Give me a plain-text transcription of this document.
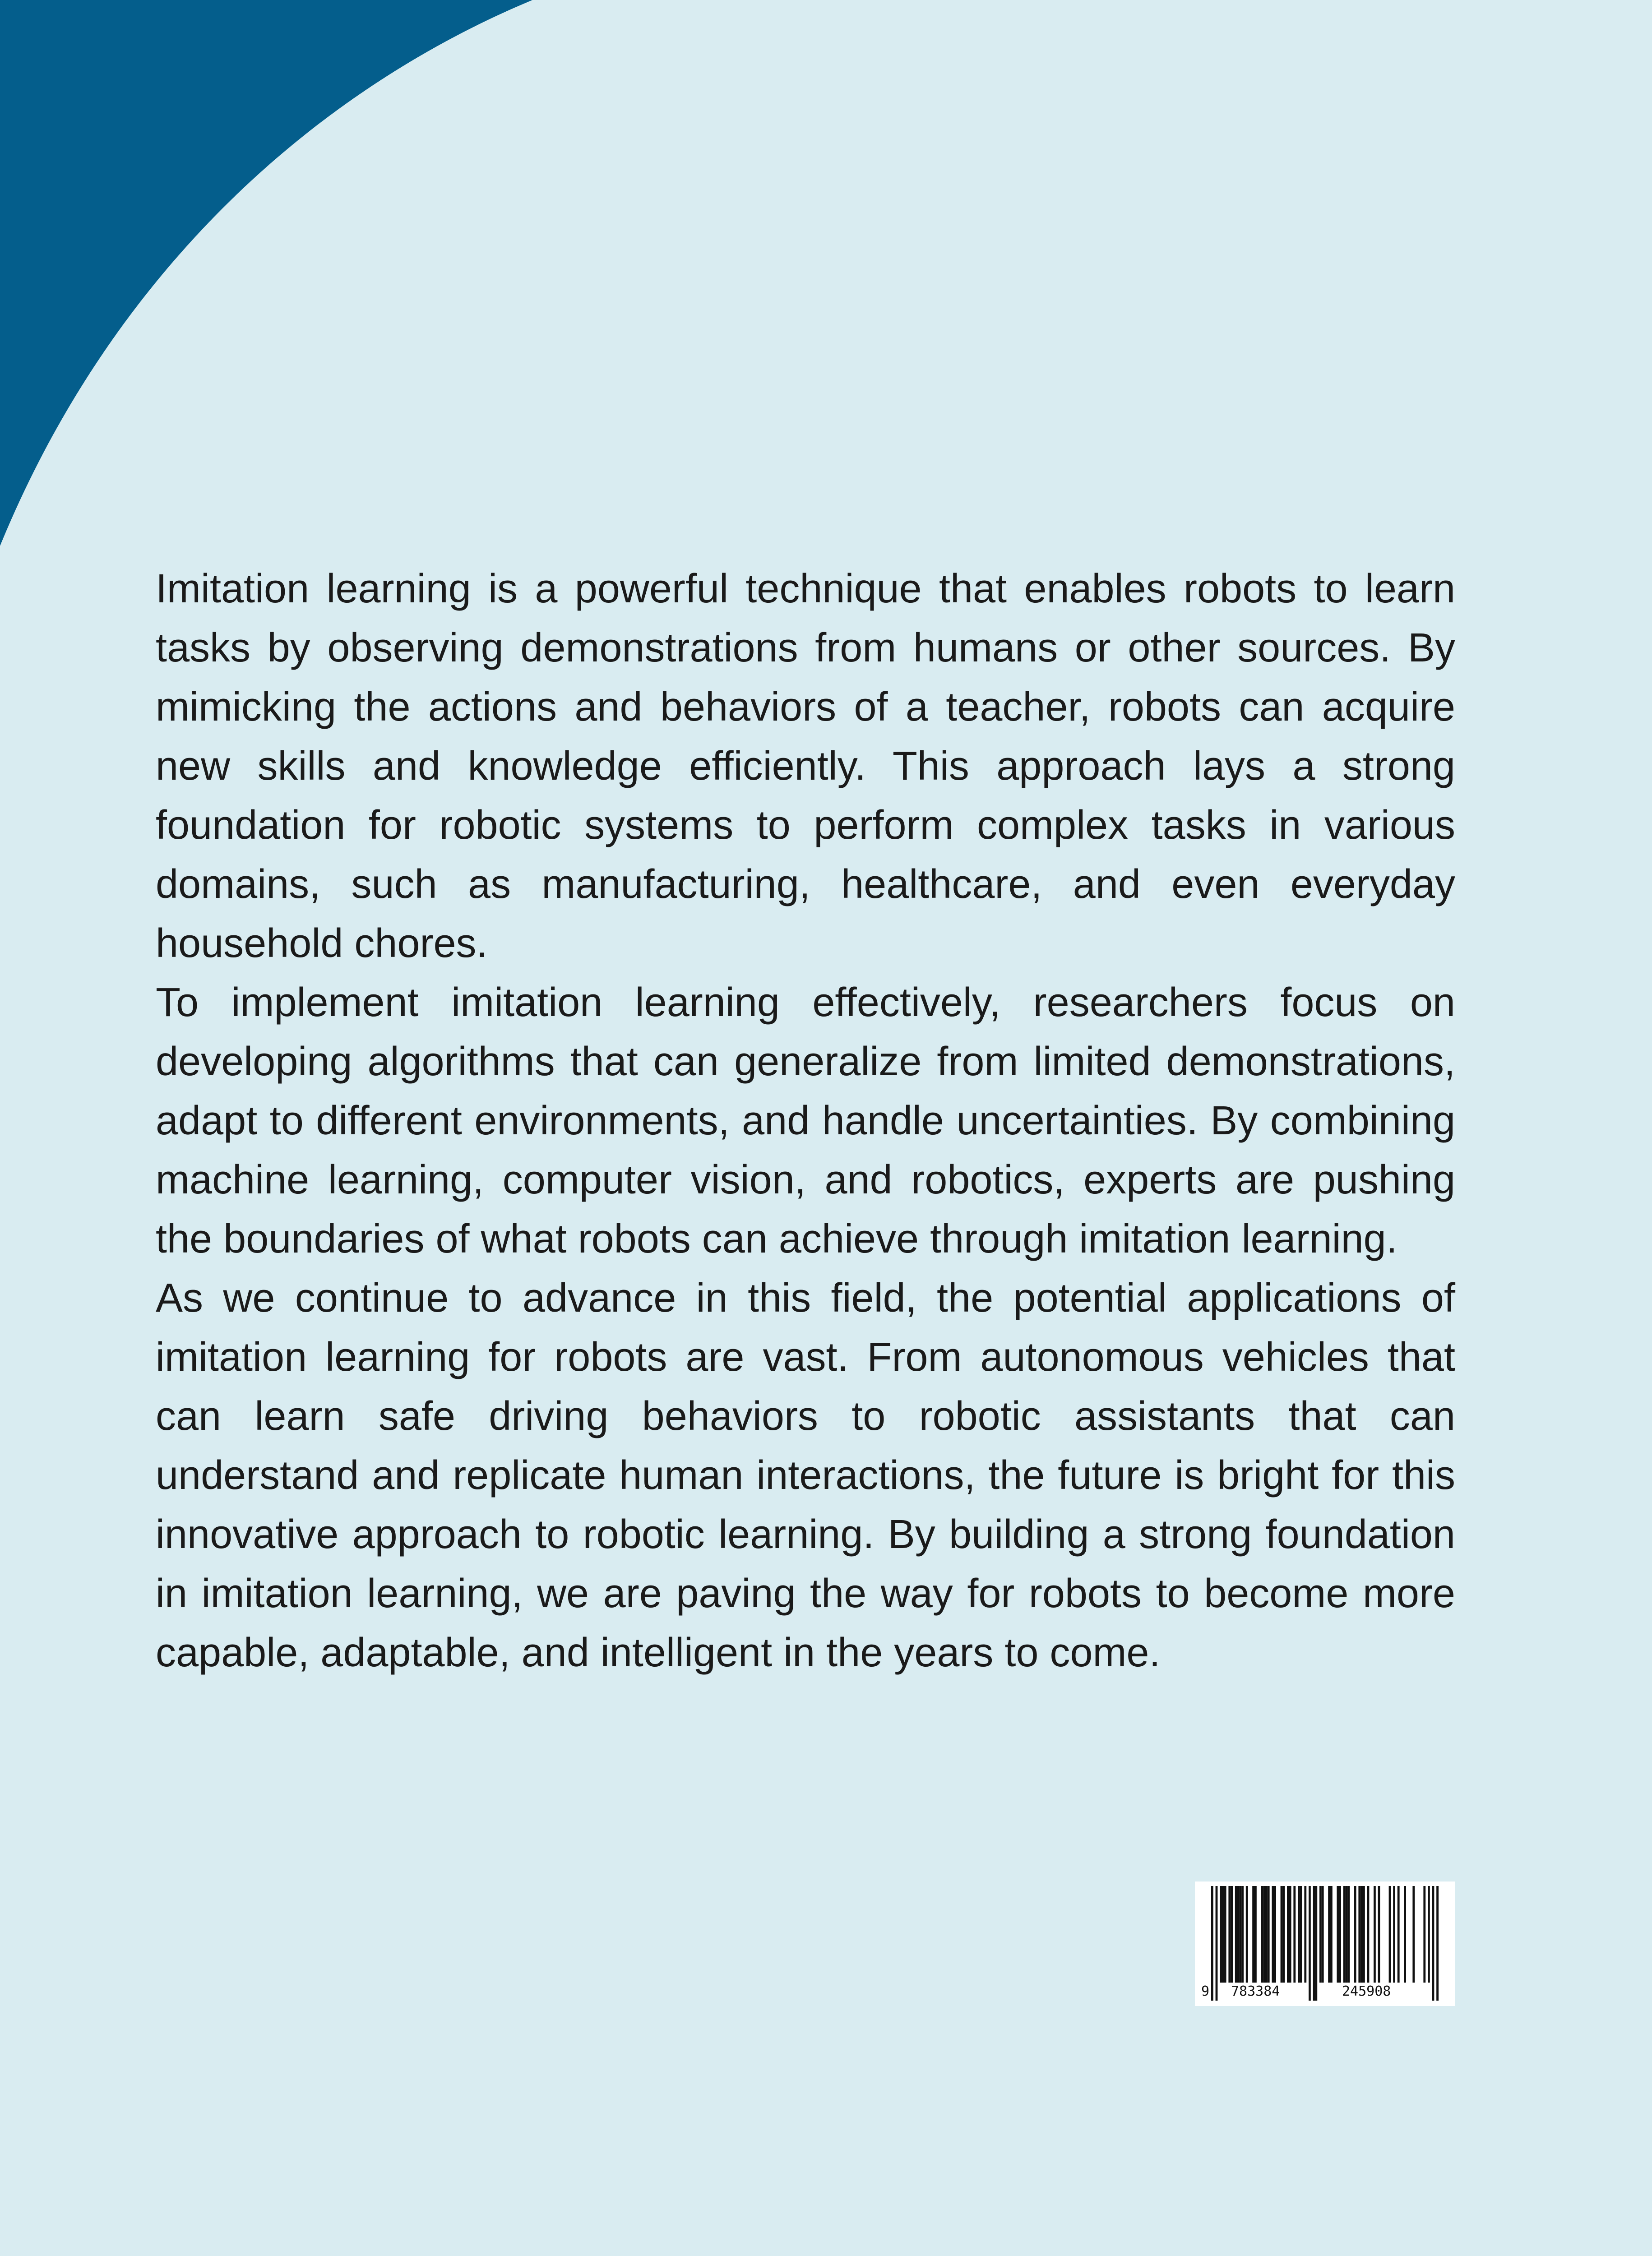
Imitation learning is a powerful technique that enables robots to learn tasks by observing demonstrations from humans or other sources. By mimicking the actions and behaviors of a teacher, robots can acquire new skills and knowledge efficiently. This approach lays a strong foundation for robotic systems to perform complex tasks in various domains, such as manufacturing, healthcare, and even everyday household chores.

To implement imitation learning effectively, researchers focus on developing algorithms that can generalize from limited demonstrations, adapt to different environments, and handle uncertainties. By combining machine learning, computer vision, and robotics, experts are pushing the boundaries of what robots can achieve through imitation learning.

As we continue to advance in this field, the potential applications of imitation learning for robots are vast. From autonomous vehicles that can learn safe driving behaviors to robotic assistants that can understand and replicate human interactions, the future is bright for this innovative approach to robotic learning. By building a strong foundation in imitation learning, we are paving the way for robots to become more capable, adaptable, and intelligent in the years to come.

9 783384	245908
